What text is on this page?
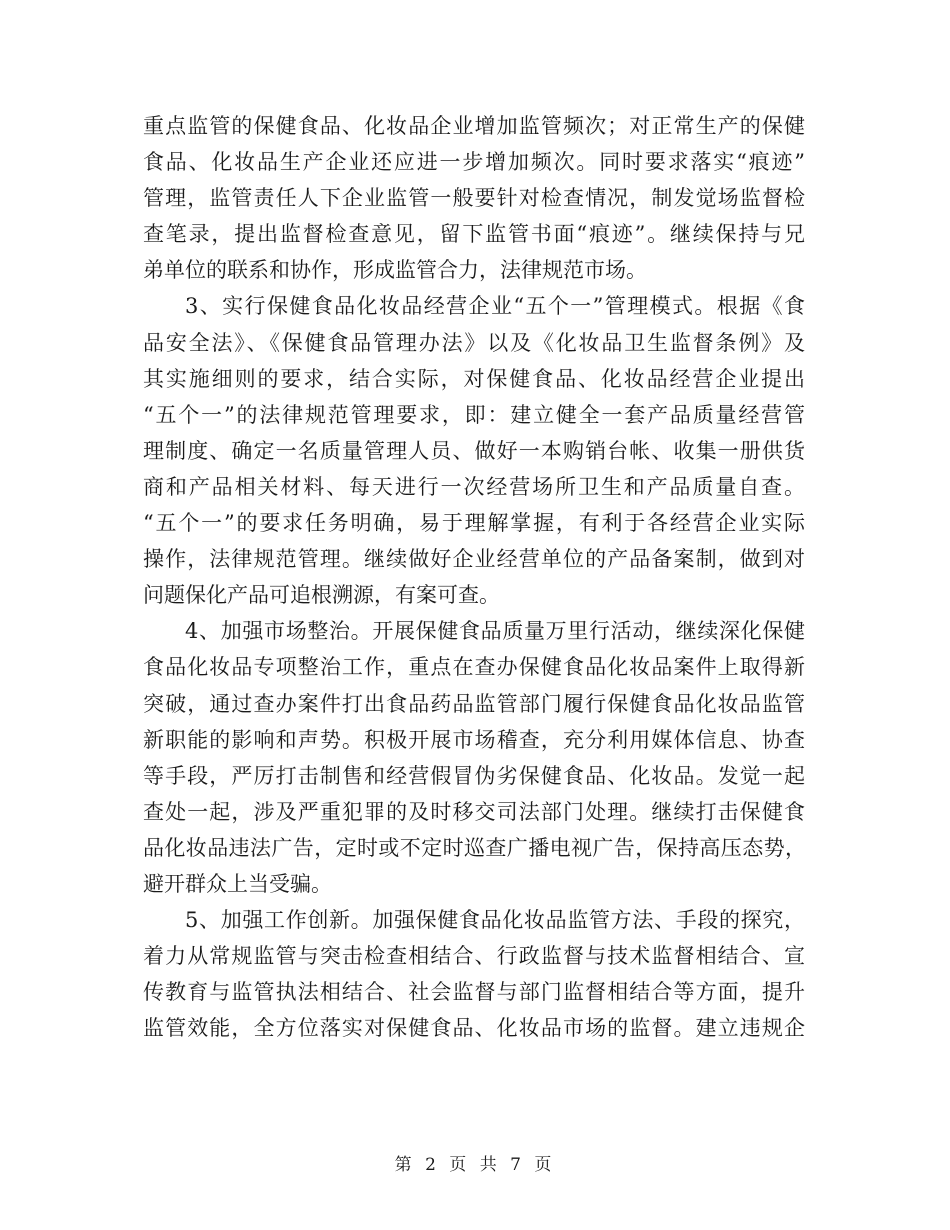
重点监管的保健食品、化妆品企业增加监管频次；对正常生产的保健
食品、化妆品生产企业还应进一步增加频次。同时要求落实“痕迹”
管理，监管责任人下企业监管一般要针对检查情况，制发觉场监督检
查笔录，提出监督检查意见，留下监管书面“痕迹”。继续保持与兄
弟单位的联系和协作，形成监管合力，法律规范市场。
3、实行保健食品化妆品经营企业“五个一”管理模式。根据《食
品安全法》、《保健食品管理办法》以及《化妆品卫生监督条例》及
其实施细则的要求，结合实际，对保健食品、化妆品经营企业提出
“五个一”的法律规范管理要求，即：建立健全一套产品质量经营管
理制度、确定一名质量管理人员、做好一本购销台帐、收集一册供货
商和产品相关材料、每天进行一次经营场所卫生和产品质量自查。
“五个一”的要求任务明确，易于理解掌握，有利于各经营企业实际
操作，法律规范管理。继续做好企业经营单位的产品备案制，做到对
问题保化产品可追根溯源，有案可查。
4、加强市场整治。开展保健食品质量万里行活动，继续深化保健
食品化妆品专项整治工作，重点在查办保健食品化妆品案件上取得新
突破，通过查办案件打出食品药品监管部门履行保健食品化妆品监管
新职能的影响和声势。积极开展市场稽查，充分利用媒体信息、协查
等手段，严厉打击制售和经营假冒伪劣保健食品、化妆品。发觉一起
查处一起，涉及严重犯罪的及时移交司法部门处理。继续打击保健食
品化妆品违法广告，定时或不定时巡查广播电视广告，保持高压态势，
避开群众上当受骗。
5、加强工作创新。加强保健食品化妆品监管方法、手段的探究，
着力从常规监管与突击检查相结合、行政监督与技术监督相结合、宣
传教育与监管执法相结合、社会监督与部门监督相结合等方面，提升
监管效能，全方位落实对保健食品、化妆品市场的监督。建立违规企
第 2 页 共 7 页
